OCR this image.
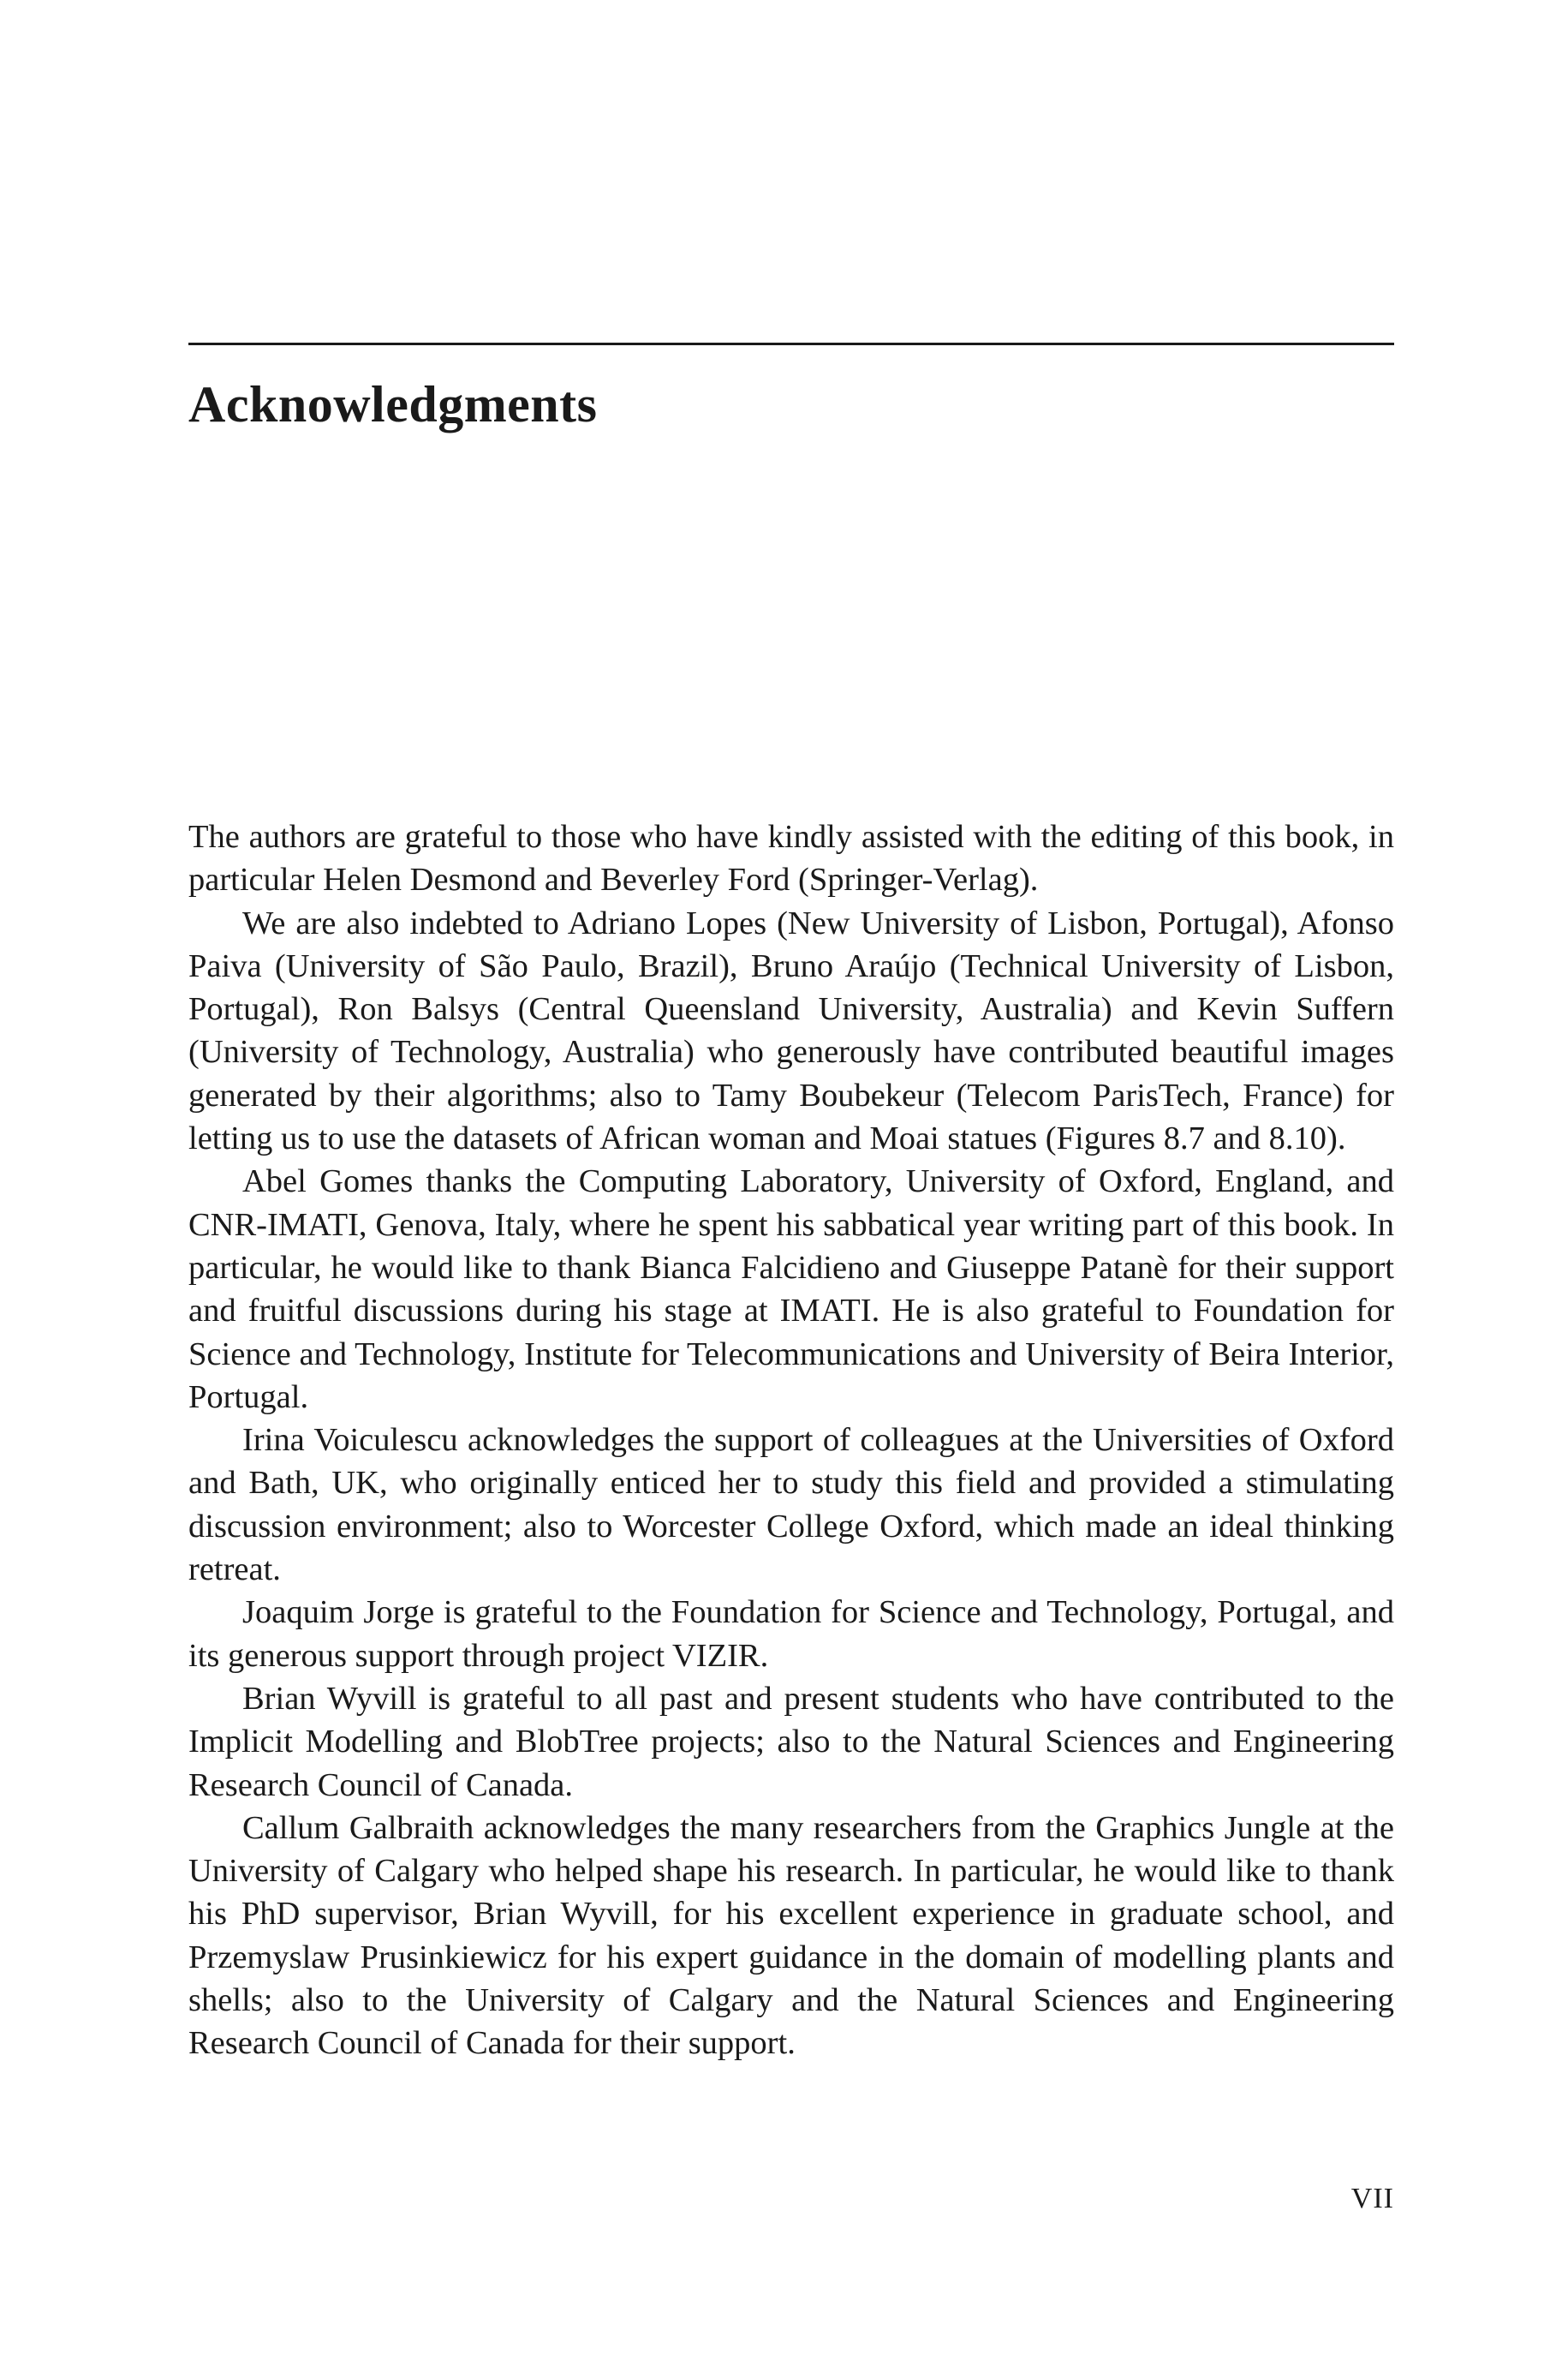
Acknowledgments

The authors are grateful to those who have kindly assisted with the editing of this book, in particular Helen Desmond and Beverley Ford (Springer-Verlag).

We are also indebted to Adriano Lopes (New University of Lisbon, Portugal), Afonso Paiva (University of São Paulo, Brazil), Bruno Araújo (Technical University of Lisbon, Portugal), Ron Balsys (Central Queensland University, Australia) and Kevin Suffern (University of Technology, Australia) who generously have contributed beautiful images generated by their algorithms; also to Tamy Boubekeur (Telecom ParisTech, France) for letting us to use the datasets of African woman and Moai statues (Figures 8.7 and 8.10).

Abel Gomes thanks the Computing Laboratory, University of Oxford, England, and CNR-IMATI, Genova, Italy, where he spent his sabbatical year writing part of this book. In particular, he would like to thank Bianca Falcidieno and Giuseppe Patanè for their support and fruitful discussions during his stage at IMATI. He is also grateful to Foundation for Science and Technology, Institute for Telecommunications and University of Beira Interior, Portugal.

Irina Voiculescu acknowledges the support of colleagues at the Universities of Oxford and Bath, UK, who originally enticed her to study this field and provided a stimulating discussion environment; also to Worcester College Oxford, which made an ideal thinking retreat.

Joaquim Jorge is grateful to the Foundation for Science and Technology, Portugal, and its generous support through project VIZIR.

Brian Wyvill is grateful to all past and present students who have contributed to the Implicit Modelling and BlobTree projects; also to the Natural Sciences and Engineering Research Council of Canada.

Callum Galbraith acknowledges the many researchers from the Graphics Jungle at the University of Calgary who helped shape his research. In particular, he would like to thank his PhD supervisor, Brian Wyvill, for his excellent experience in graduate school, and Przemyslaw Prusinkiewicz for his expert guidance in the domain of modelling plants and shells; also to the University of Calgary and the Natural Sciences and Engineering Research Council of Canada for their support.

VII
